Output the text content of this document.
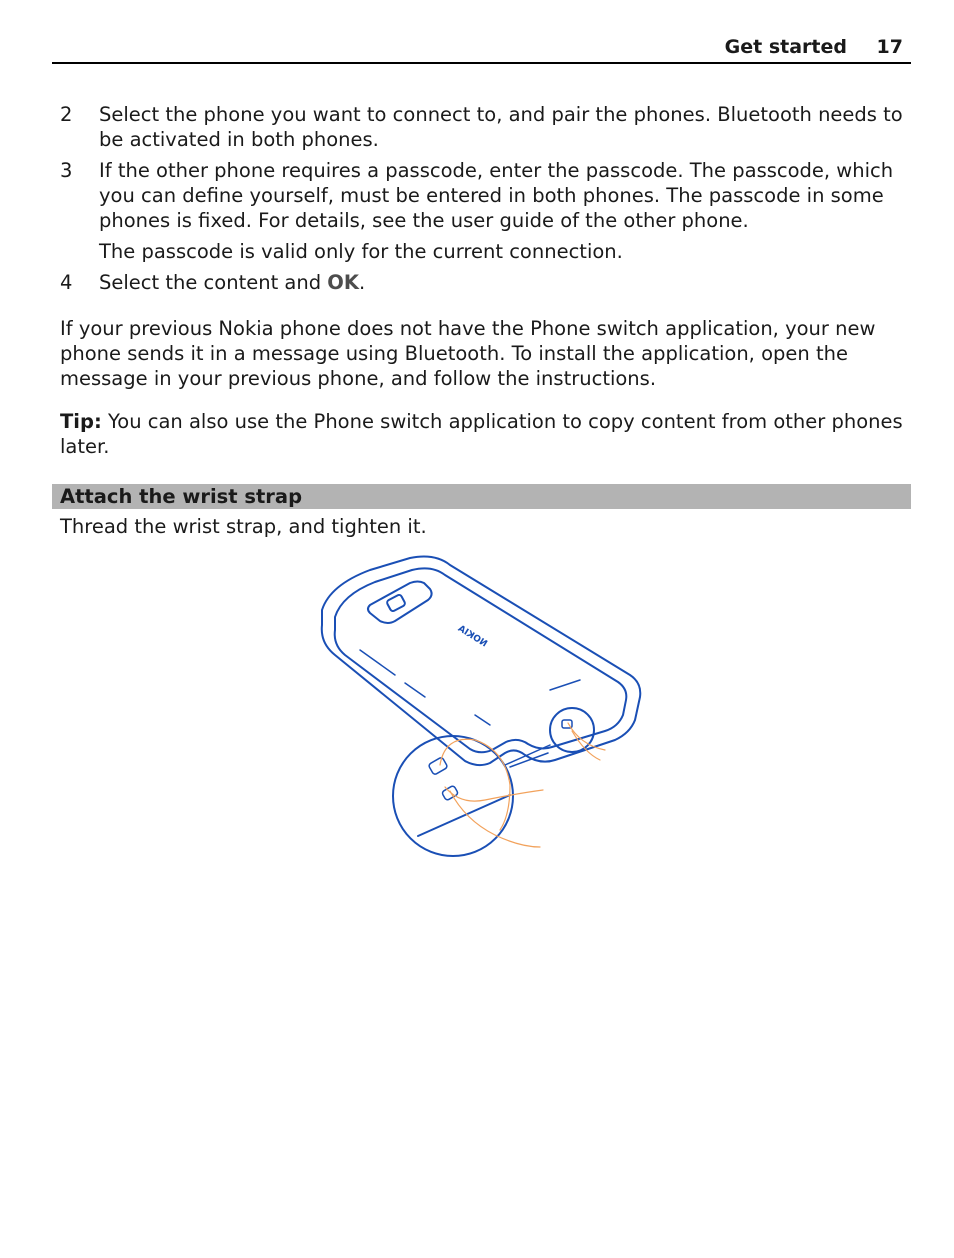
Get started 17
2 Select the phone you want to connect to, and pair the phones. Bluetooth needs to be activated in both phones.
3 If the other phone requires a passcode, enter the passcode. The passcode, which you can define yourself, must be entered in both phones. The passcode in some phones is fixed. For details, see the user guide of the other phone.
The passcode is valid only for the current connection.
4 Select the content and OK.
If your previous Nokia phone does not have the Phone switch application, your new phone sends it in a message using Bluetooth. To install the application, open the message in your previous phone, and follow the instructions.
Tip: You can also use the Phone switch application to copy content from other phones later.
Attach the wrist strap
Thread the wrist strap, and tighten it.
NOKIA
